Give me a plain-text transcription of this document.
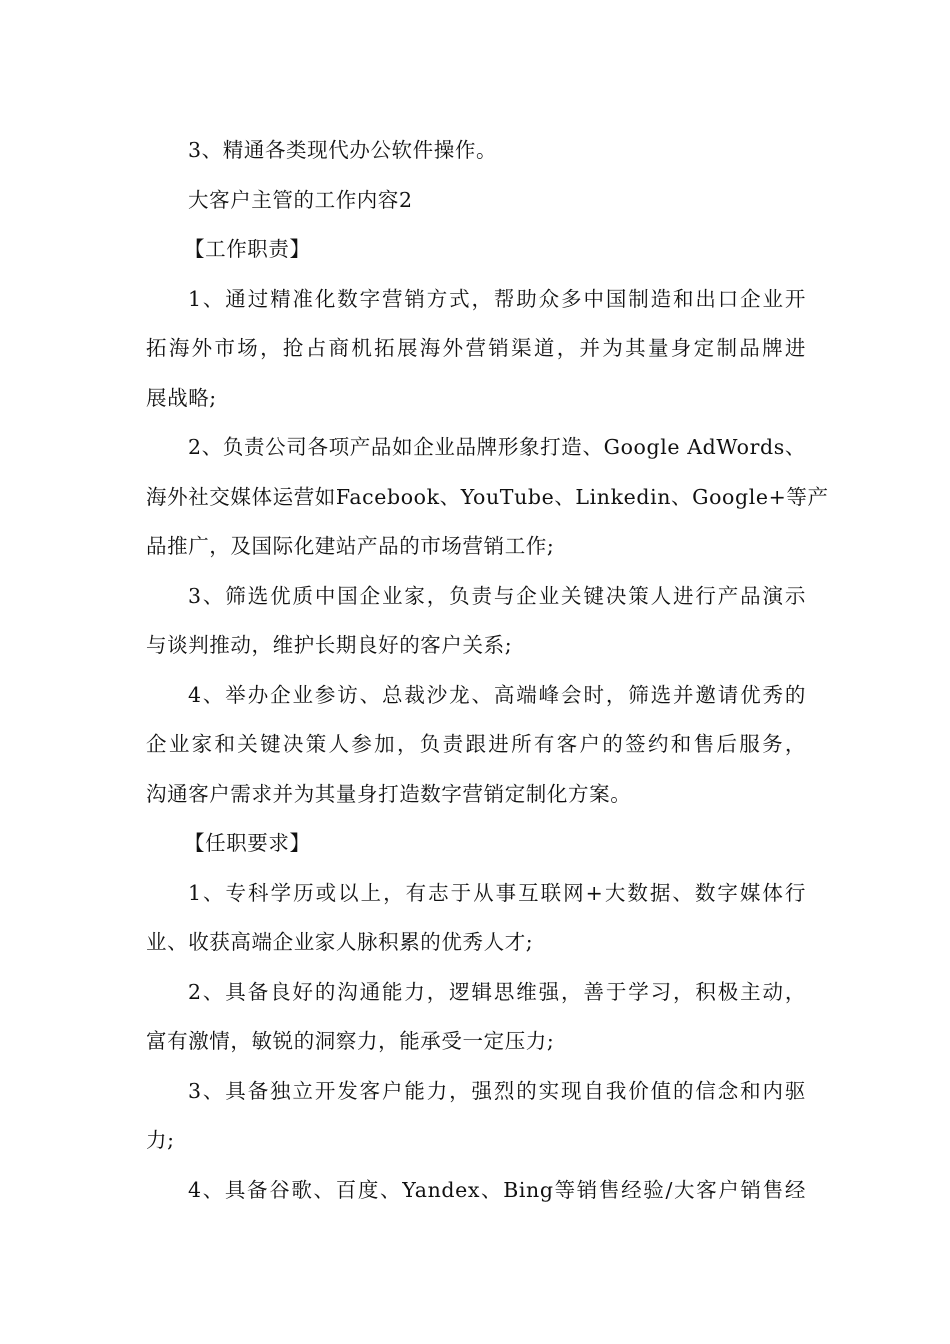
3、精通各类现代办公软件操作。
大客户主管的工作内容2
【工作职责】
1、通过精准化数字营销方式，帮助众多中国制造和出口企业开
拓海外市场，抢占商机拓展海外营销渠道，并为其量身定制品牌进
展战略;
2、负责公司各项产品如企业品牌形象打造、Google AdWords、
海外社交媒体运营如Facebook、YouTube、Linkedin、Google+等产
品推广，及国际化建站产品的市场营销工作;
3、筛选优质中国企业家，负责与企业关键决策人进行产品演示
与谈判推动，维护长期良好的客户关系;
4、举办企业参访、总裁沙龙、高端峰会时，筛选并邀请优秀的
企业家和关键决策人参加，负责跟进所有客户的签约和售后服务，
沟通客户需求并为其量身打造数字营销定制化方案。
【任职要求】
1、专科学历或以上，有志于从事互联网+大数据、数字媒体行
业、收获高端企业家人脉积累的优秀人才;
2、具备良好的沟通能力，逻辑思维强，善于学习，积极主动，
富有激情，敏锐的洞察力，能承受一定压力;
3、具备独立开发客户能力，强烈的实现自我价值的信念和内驱
力;
4、具备谷歌、百度、Yandex、Bing等销售经验/大客户销售经
